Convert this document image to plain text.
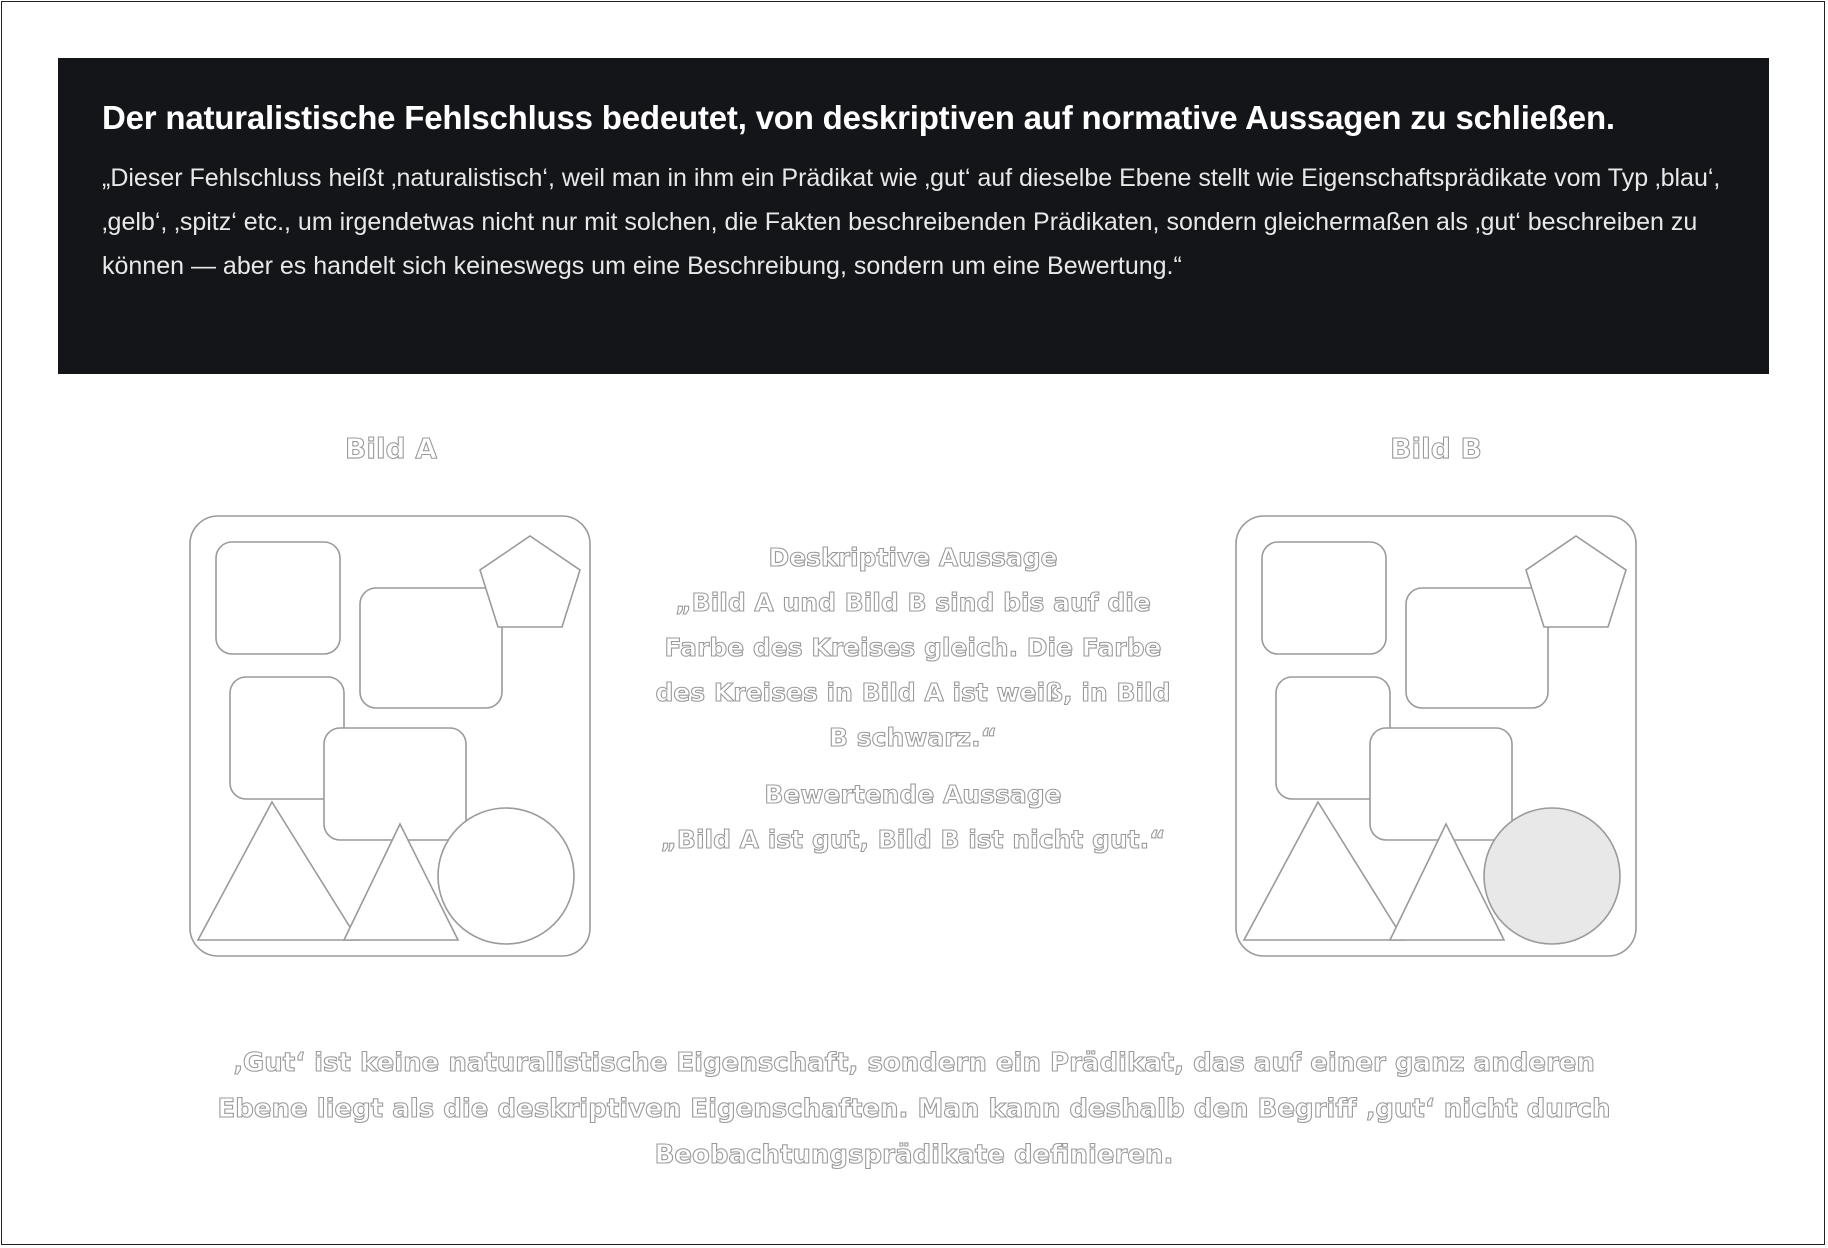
Der naturalistische Fehlschluss bedeutet, von deskriptiven auf normative Aussagen zu schließen.

„Dieser Fehlschluss heißt ‚naturalistisch‘, weil man in ihm ein Prädikat wie ‚gut‘ auf dieselbe Ebene stellt wie Eigenschaftsprädikate vom Typ ‚blau‘, ‚gelb‘, ‚spitz‘ etc., um irgendetwas nicht nur mit solchen, die Fakten beschreibenden Prädikaten, sondern gleichermaßen als ‚gut‘ beschreiben zu können — aber es handelt sich keineswegs um eine Beschreibung, sondern um eine Bewertung.“

Bild A	Bild B
Deskriptive Aussage
„Bild A und Bild B sind bis auf die Farbe des Kreises gleich. Die Farbe des Kreises in Bild A ist weiß, in Bild B schwarz.“
Bewertende Aussage
„Bild A ist gut, Bild B ist nicht gut.“
‚Gut‘ ist keine naturalistische Eigenschaft, sondern ein Prädikat, das auf einer ganz anderen Ebene liegt als die deskriptiven Eigenschaften. Man kann deshalb den Begriff ‚gut‘ nicht durch Beobachtungsprädikate definieren.
